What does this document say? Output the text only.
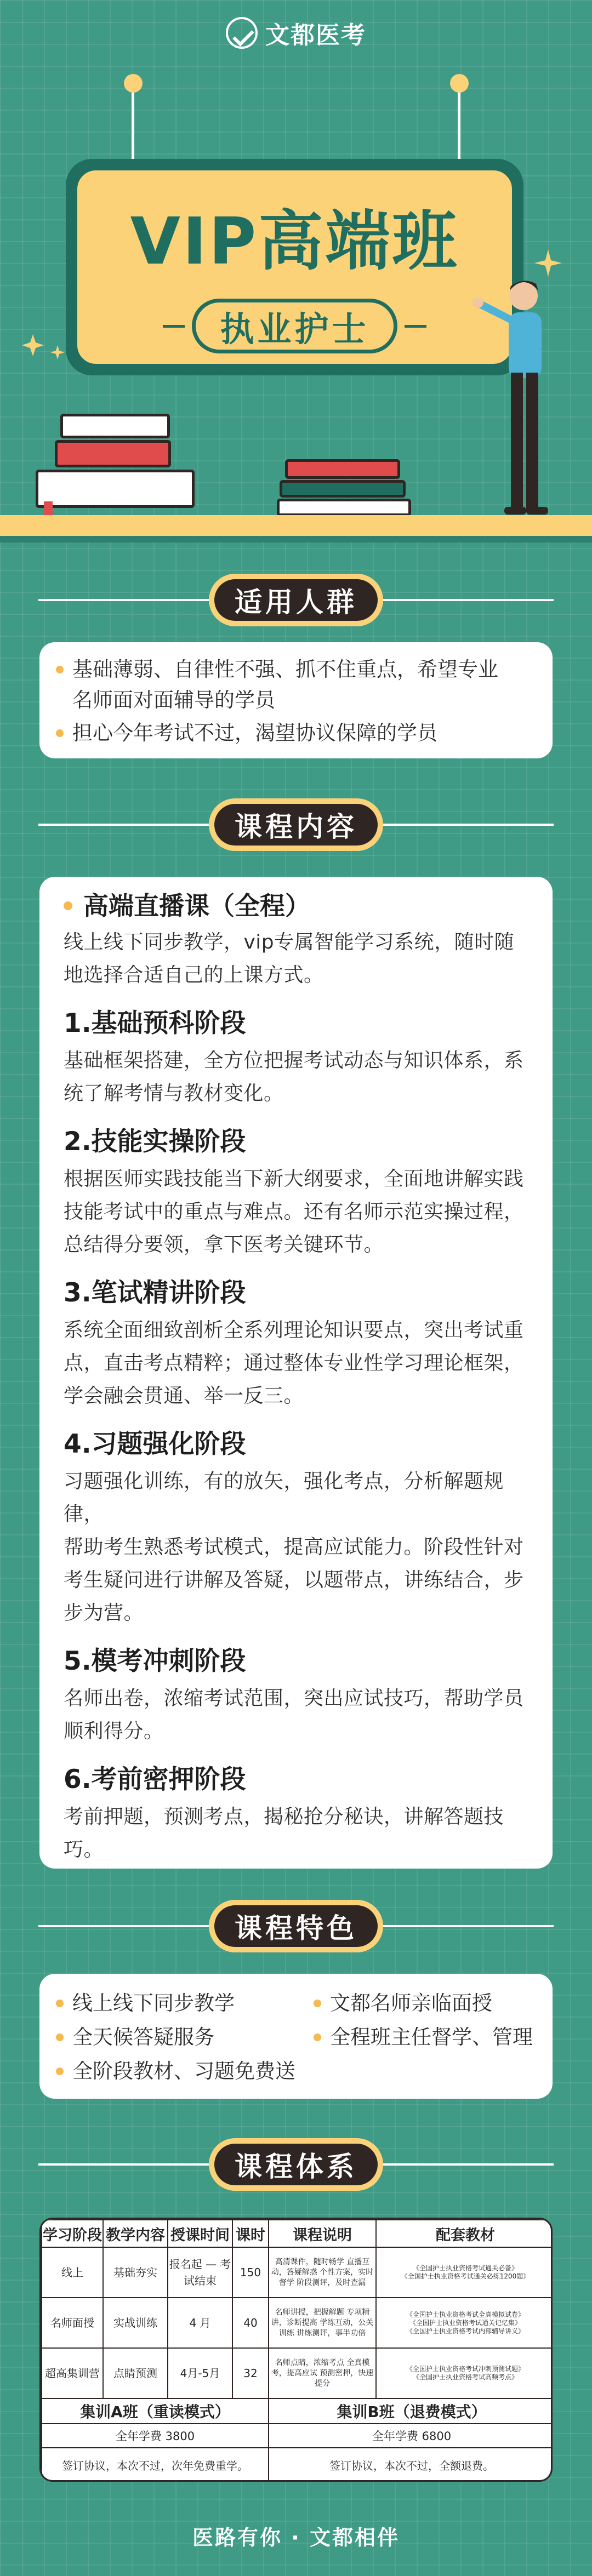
文都医考
VIP高端班
执业护士
适用人群
基础薄弱、自律性不强、抓不住重点，希望专业
名师面对面辅导的学员
担心今年考试不过，渴望协议保障的学员
课程内容
高端直播课（全程）
线上线下同步教学，vip专属智能学习系统，随时随
地选择合适自己的上课方式。
1.基础预科阶段
基础框架搭建，全方位把握考试动态与知识体系，系
统了解考情与教材变化。
2.技能实操阶段
根据医师实践技能当下新大纲要求，全面地讲解实践
技能考试中的重点与难点。还有名师示范实操过程，
总结得分要领，拿下医考关键环节。
3.笔试精讲阶段
系统全面细致剖析全系列理论知识要点，突出考试重
点，直击考点精粹；通过整体专业性学习理论框架，
学会融会贯通、举一反三。
4.习题强化阶段
习题强化训练，有的放矢，强化考点，分析解题规律，
帮助考生熟悉考试模式，提高应试能力。阶段性针对
考生疑问进行讲解及答疑，以题带点，讲练结合，步
步为营。
5.模考冲刺阶段
名师出卷，浓缩考试范围，突出应试技巧，帮助学员
顺利得分。
6.考前密押阶段
考前押题，预测考点，揭秘抢分秘诀，讲解答题技巧。
课程特色
线上线下同步教学	文都名师亲临面授
全天候答疑服务	全程班主任督学、管理
全阶段教材、习题免费送
课程体系
学习阶段	教学内容	授课时间	课时	课程说明	配套教材
线上	基础夯实	报名起 — 考试结束	150	高清课件，随时畅学 直播互动，答疑解惑 个性方案，实时督学 阶段测评，及时查漏	《全国护士执业资格考试通关必备》
《全国护士执业资格考试通关必练1200题》

名师面授	实战训练	4 月	40	名师讲授，把握解题 专项精讲，诊断提高 学练互动，公关训练 讲练测评，事半功倍	《全国护士执业资格考试全真模拟试卷》
《全国护士执业资格考试通关记忆集》
《全国护士执业资格考试内部辅导讲义》

超高集训营	点睛预测	4月-5月	32	名师点睛，浓缩考点 全真模考，提高应试 预测密押，快速提分	《全国护士执业资格考试冲刺预测试题》
《全国护士执业资格考试高频考点》

集训A班（重读模式）				集训B班（退费模式）	
全年学费 3800				全年学费 6800	
签订协议，本次不过，次年免费重学。				签订协议，本次不过，全额退费。	
医路有你 · 文都相伴
